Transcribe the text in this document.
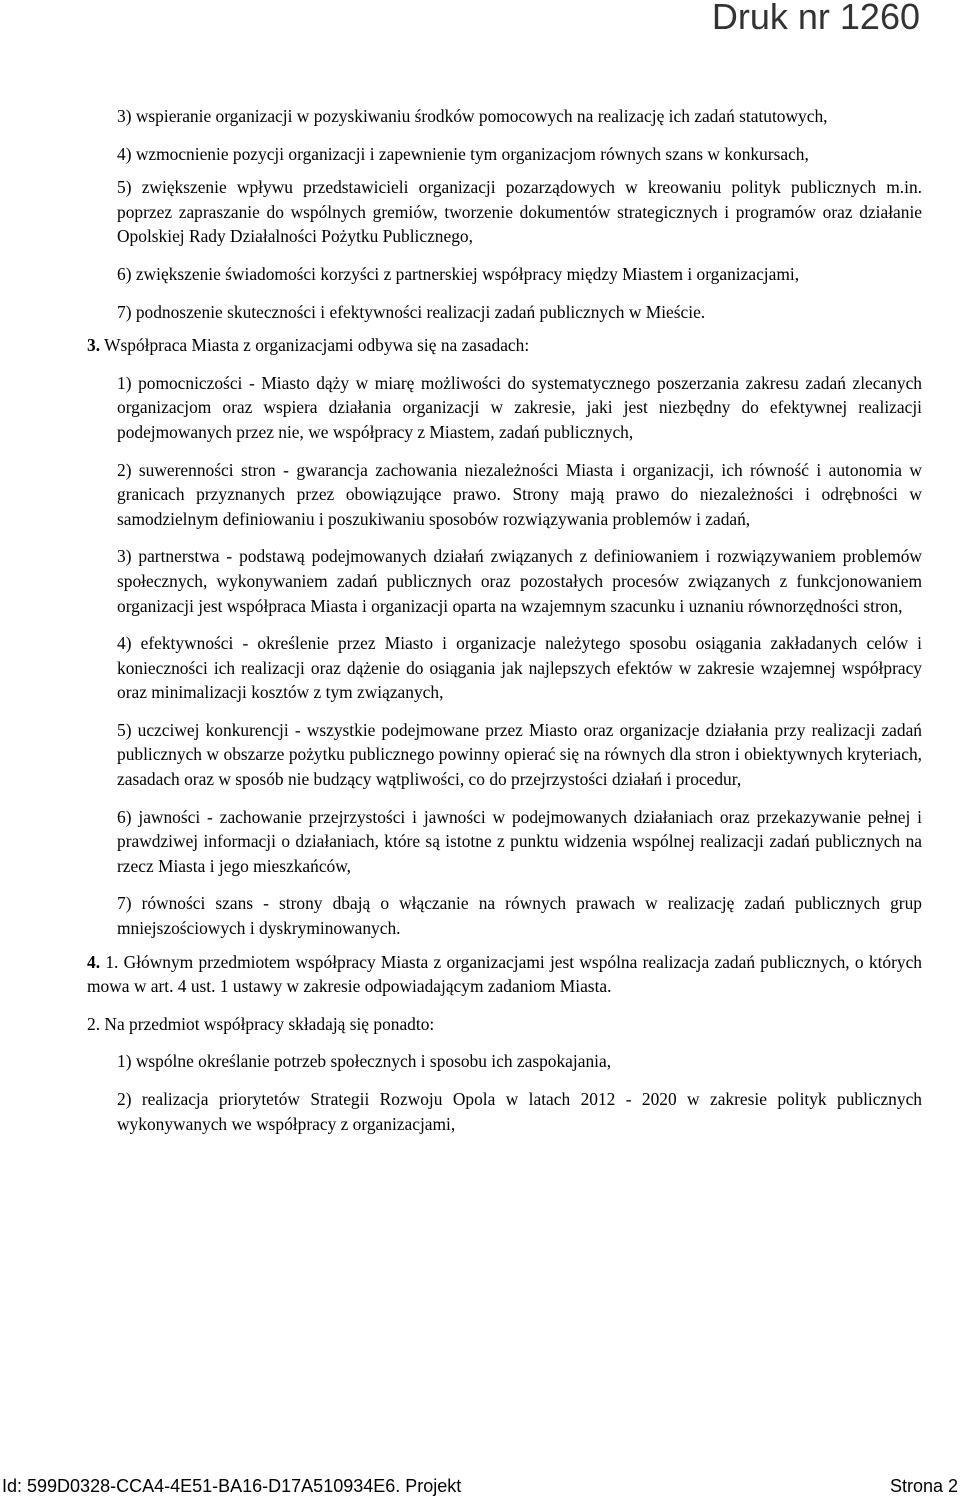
Druk nr 1260

3) wspieranie organizacji w pozyskiwaniu środków pomocowych na realizację ich zadań statutowych,

4) wzmocnienie pozycji organizacji i zapewnienie tym organizacjom równych szans w konkursach,

5) zwiększenie wpływu przedstawicieli organizacji pozarządowych w kreowaniu polityk publicznych m.in. poprzez zapraszanie do wspólnych gremiów, tworzenie dokumentów strategicznych i programów oraz działanie Opolskiej Rady Działalności Pożytku Publicznego,

6) zwiększenie świadomości korzyści z partnerskiej współpracy między Miastem i organizacjami,

7) podnoszenie skuteczności i efektywności realizacji zadań publicznych w Mieście.

3. Współpraca Miasta z organizacjami odbywa się na zasadach:

1) pomocniczości - Miasto dąży w miarę możliwości do systematycznego poszerzania zakresu zadań zlecanych organizacjom oraz wspiera działania organizacji w zakresie, jaki jest niezbędny do efektywnej realizacji podejmowanych przez nie, we współpracy z Miastem, zadań publicznych,

2) suwerenności stron - gwarancja zachowania niezależności Miasta i organizacji, ich równość i autonomia w granicach przyznanych przez obowiązujące prawo. Strony mają prawo do niezależności i odrębności w samodzielnym definiowaniu i poszukiwaniu sposobów rozwiązywania problemów i zadań,

3) partnerstwa - podstawą podejmowanych działań związanych z definiowaniem i rozwiązywaniem problemów społecznych, wykonywaniem zadań publicznych oraz pozostałych procesów związanych z funkcjonowaniem organizacji jest współpraca Miasta i organizacji oparta na wzajemnym szacunku i uznaniu równorzędności stron,

4) efektywności - określenie przez Miasto i organizacje należytego sposobu osiągania zakładanych celów i konieczności ich realizacji oraz dążenie do osiągania jak najlepszych efektów w zakresie wzajemnej współpracy oraz minimalizacji kosztów z tym związanych,

5) uczciwej konkurencji - wszystkie podejmowane przez Miasto oraz organizacje działania przy realizacji zadań publicznych w obszarze pożytku publicznego powinny opierać się na równych dla stron i obiektywnych kryteriach, zasadach oraz w sposób nie budzący wątpliwości, co do przejrzystości działań i procedur,

6) jawności - zachowanie przejrzystości i jawności w podejmowanych działaniach oraz przekazywanie pełnej i prawdziwej informacji o działaniach, które są istotne z punktu widzenia wspólnej realizacji zadań publicznych na rzecz Miasta i jego mieszkańców,

7) równości szans - strony dbają o włączanie na równych prawach w realizację zadań publicznych grup mniejszościowych i dyskryminowanych.

4. 1. Głównym przedmiotem współpracy Miasta z organizacjami jest wspólna realizacja zadań publicznych, o których mowa w art. 4 ust. 1 ustawy w zakresie odpowiadającym zadaniom Miasta.

2. Na przedmiot współpracy składają się ponadto:

1) wspólne określanie potrzeb społecznych i sposobu ich zaspokajania,

2) realizacja priorytetów Strategii Rozwoju Opola w latach 2012 - 2020 w zakresie polityk publicznych wykonywanych we współpracy z organizacjami,

Id: 599D0328-CCA4-4E51-BA16-D17A510934E6. Projekt	Strona 2
